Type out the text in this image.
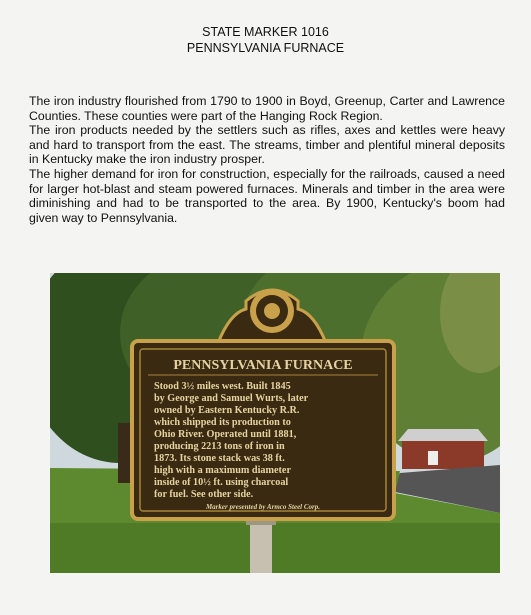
STATE MARKER 1016
PENNSYLVANIA FURNACE

The iron industry flourished from 1790 to 1900 in Boyd, Greenup, Carter and Lawrence Counties. These counties were part of the Hanging Rock Region.

The iron products needed by the settlers such as rifles, axes and kettles were heavy and hard to transport from the east. The streams, timber and plentiful mineral deposits in Kentucky make the iron industry prosper.

The higher demand for iron for construction, especially for the railroads, caused a need for larger hot-blast and steam powered furnaces. Minerals and timber in the area were diminishing and had to be transported to the area. By 1900, Kentucky's boom had given way to Pennsylvania.

PENNSYLVANIA FURNACE
Stood 3½ miles west. Built 1845
by George and Samuel Wurts, later
owned by Eastern Kentucky R.R.
which shipped its production to
Ohio River. Operated until 1881,
producing 2213 tons of iron in
1873. Its stone stack was 38 ft.
high with a maximum diameter
inside of 10½ ft. using charcoal
for fuel. See other side.
Marker presented by Armco Steel Corp.
